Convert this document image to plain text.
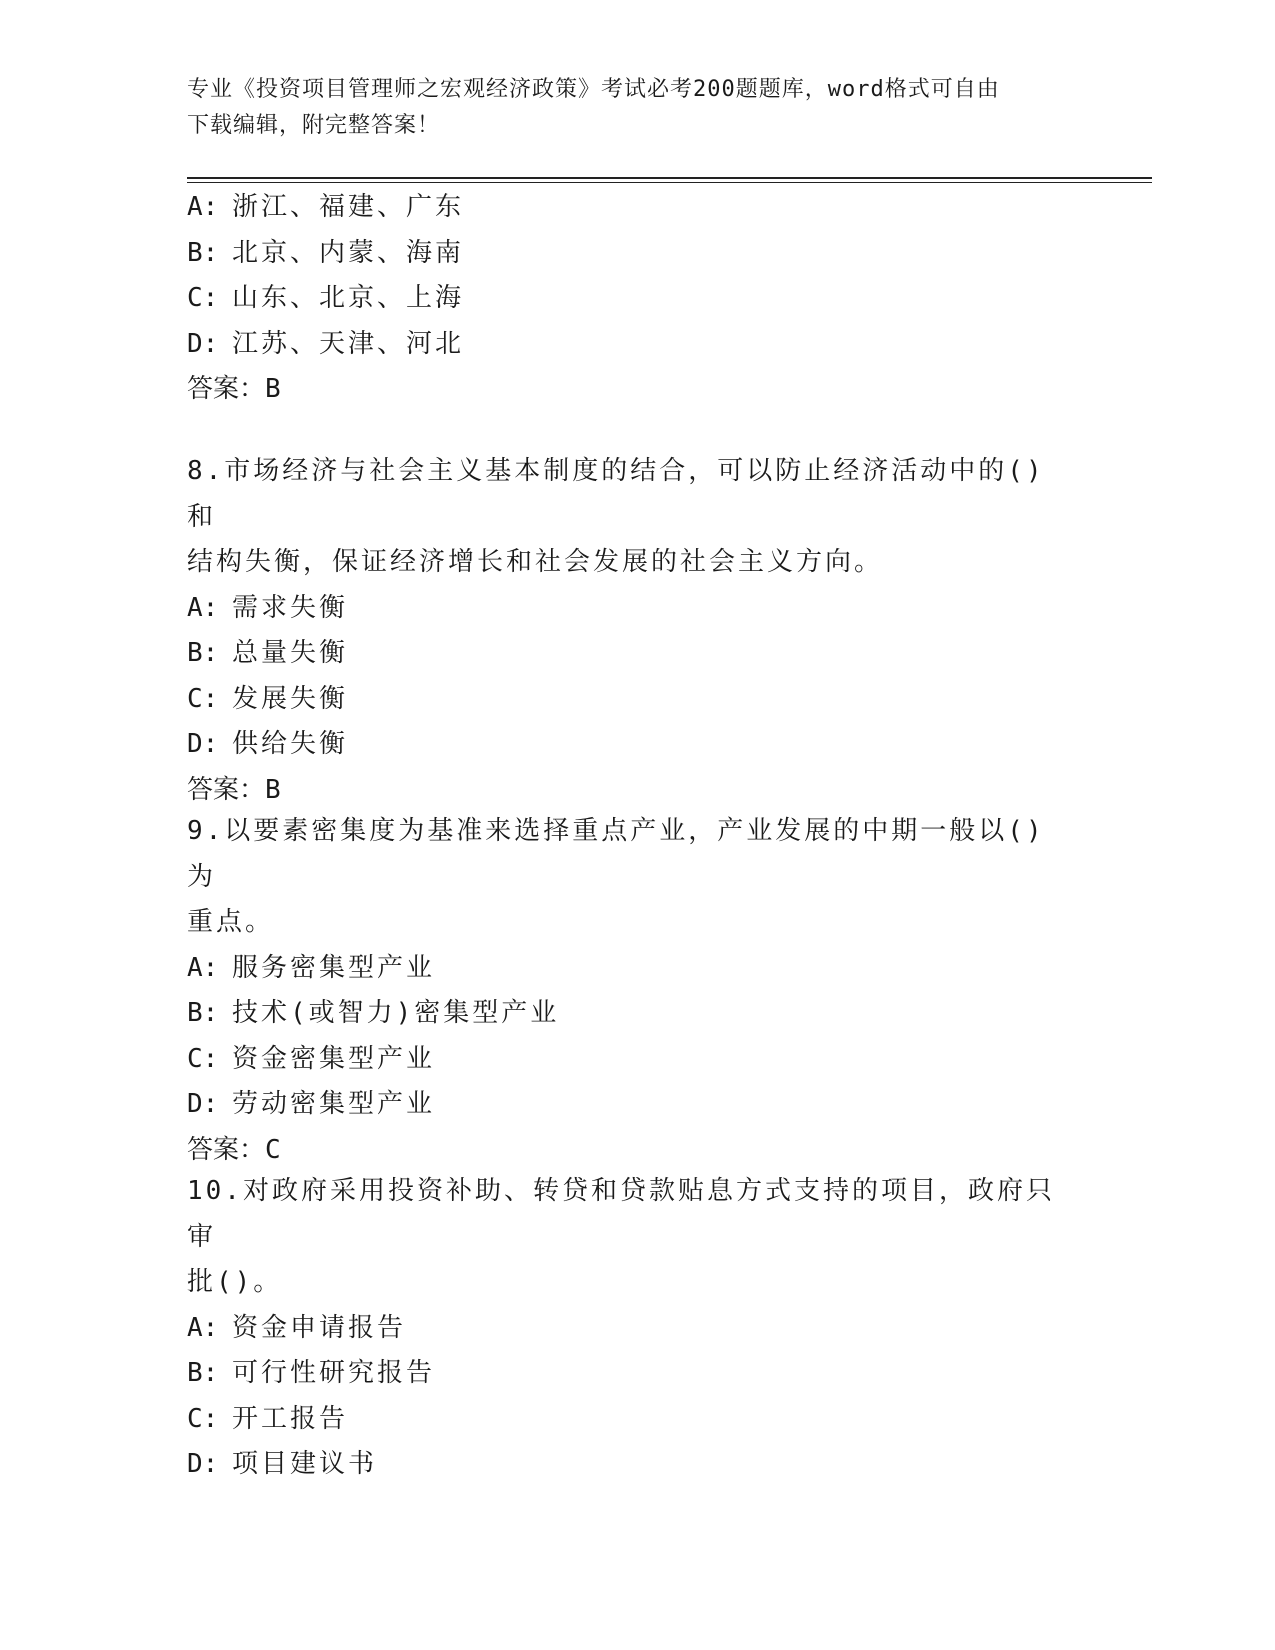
专业《投资项目管理师之宏观经济政策》考试必考200题题库，word格式可自由
下载编辑，附完整答案！
A: 浙江、福建、广东
B: 北京、内蒙、海南
C: 山东、北京、上海
D: 江苏、天津、河北
答案：B
8.市场经济与社会主义基本制度的结合，可以防止经济活动中的()和
结构失衡，保证经济增长和社会发展的社会主义方向。
A: 需求失衡
B: 总量失衡
C: 发展失衡
D: 供给失衡
答案：B
9.以要素密集度为基准来选择重点产业，产业发展的中期一般以()为
重点。
A: 服务密集型产业
B: 技术(或智力)密集型产业
C: 资金密集型产业
D: 劳动密集型产业
答案：C
10.对政府采用投资补助、转贷和贷款贴息方式支持的项目，政府只审
批()。
A: 资金申请报告
B: 可行性研究报告
C: 开工报告
D: 项目建议书
